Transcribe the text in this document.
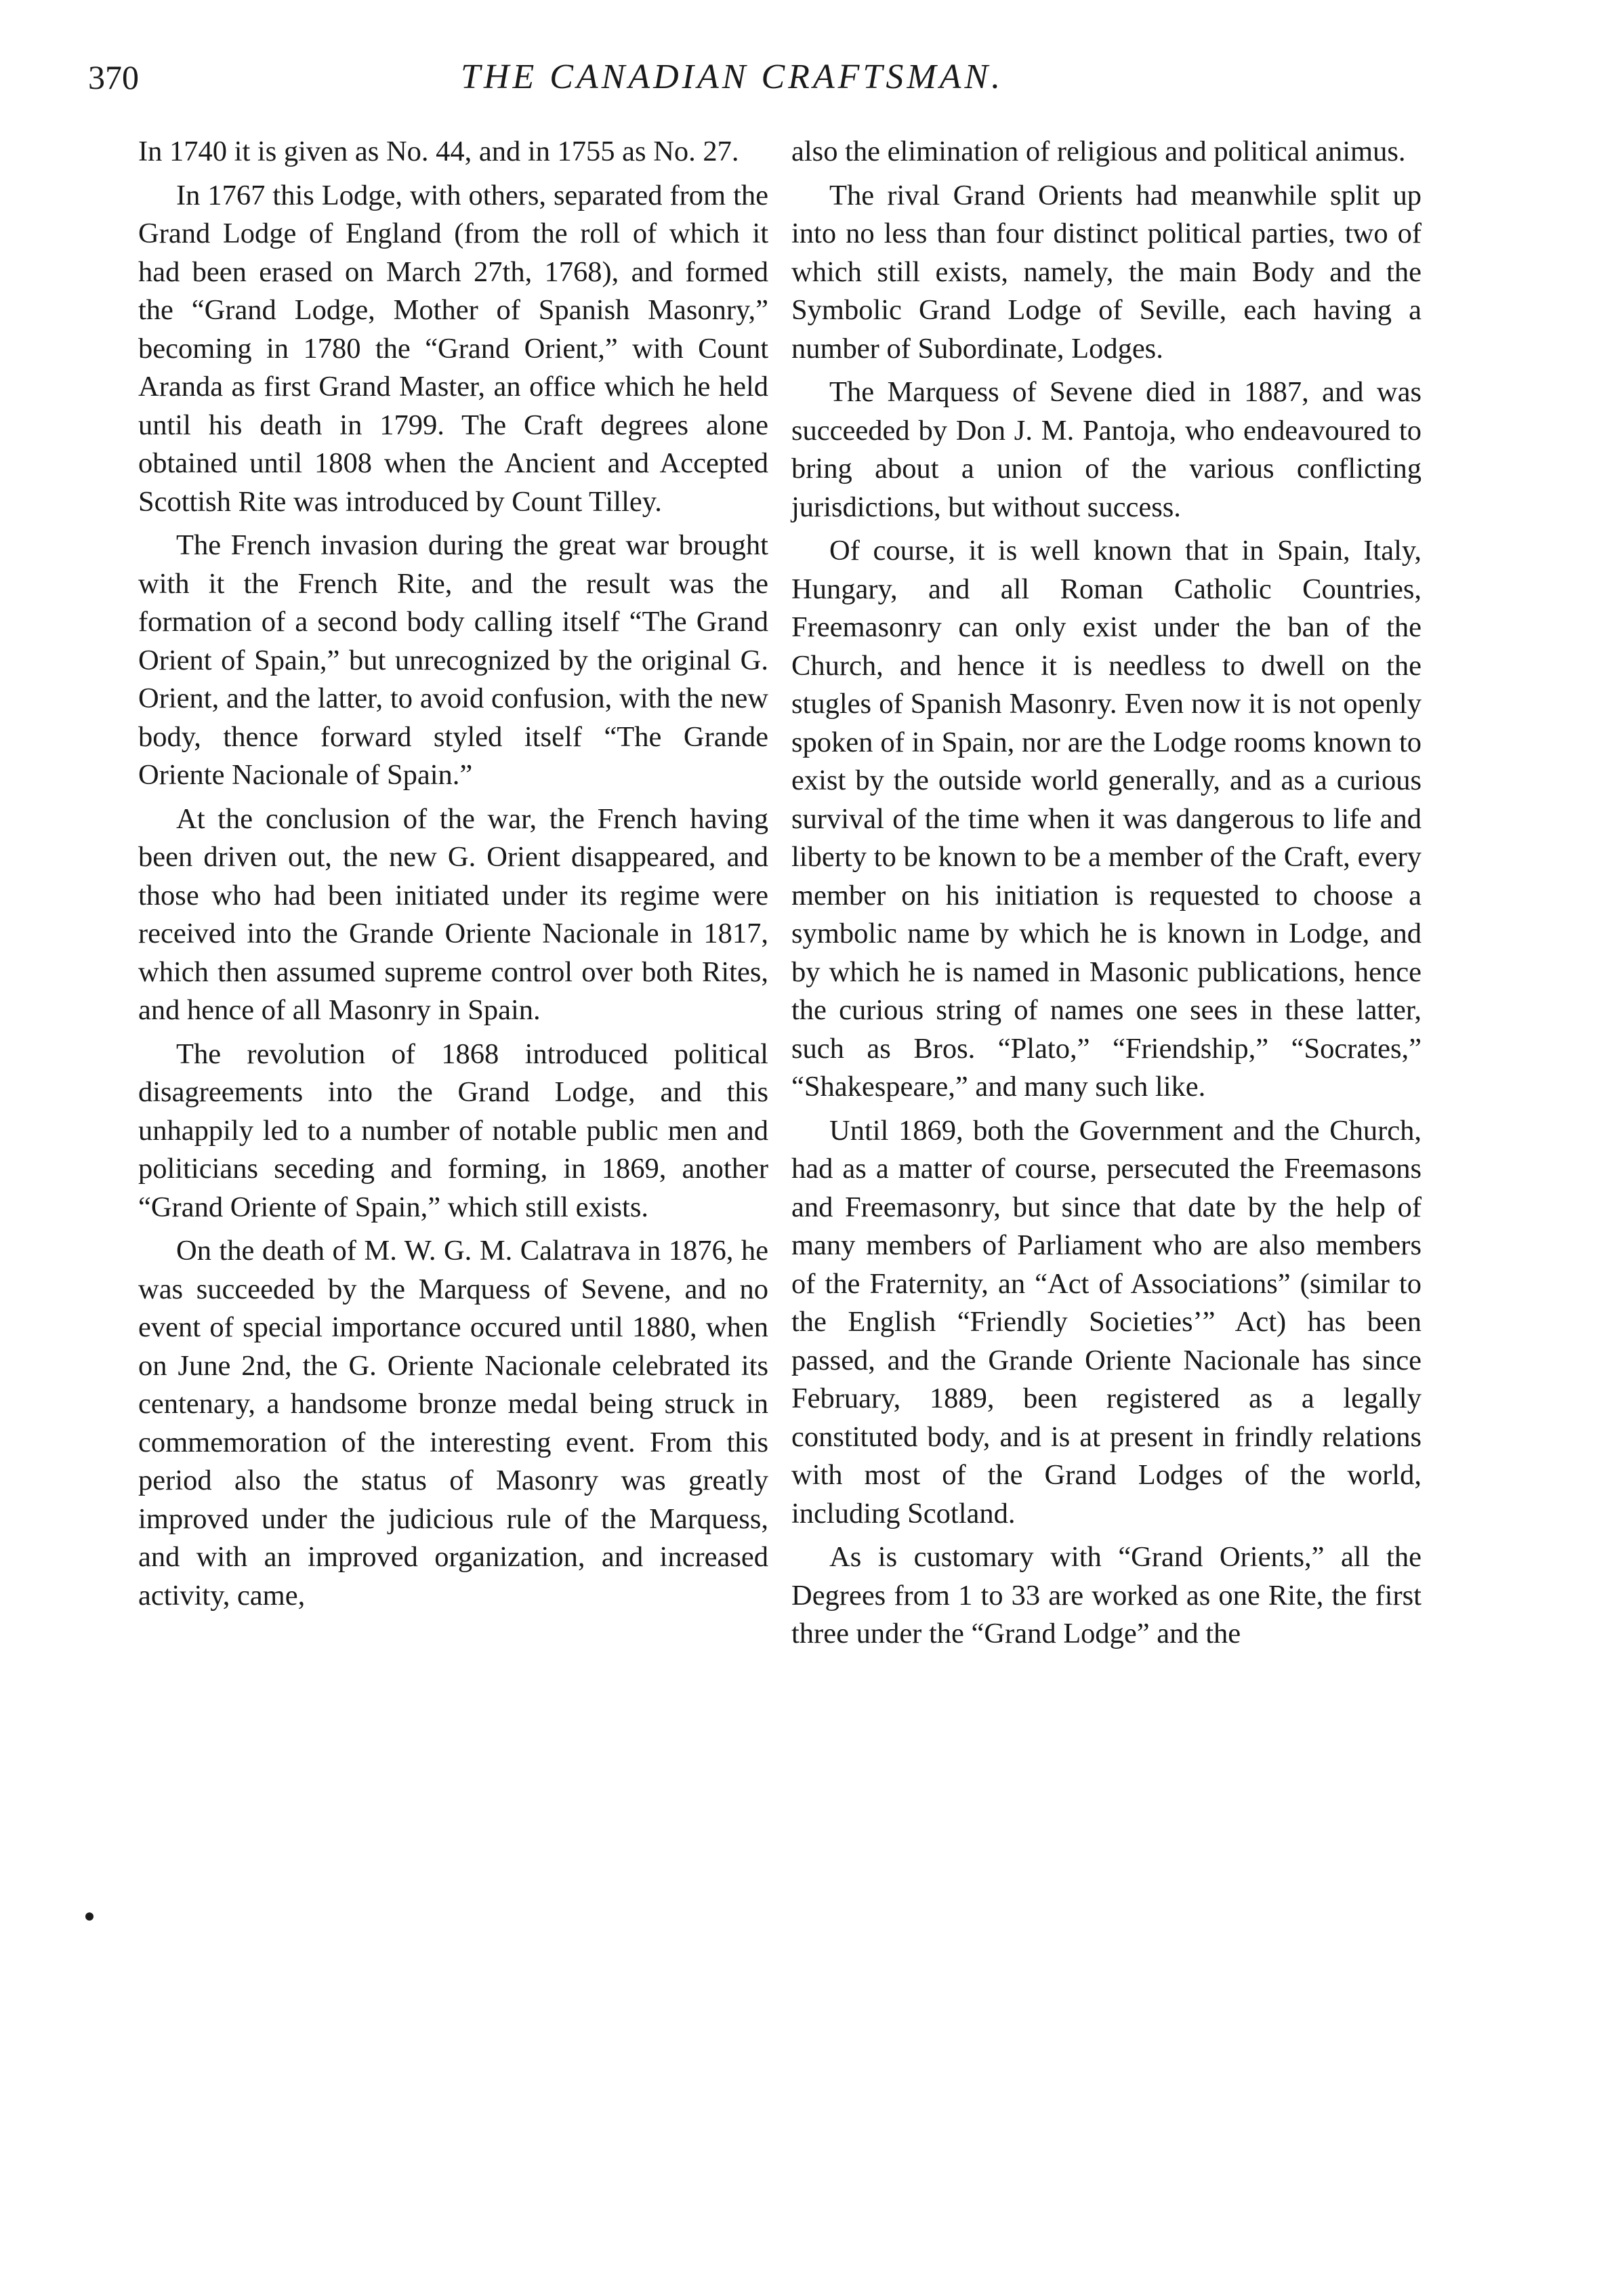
370	THE CANADIAN CRAFTSMAN.

In 1740 it is given as No. 44, and in 1755 as No. 27.

In 1767 this Lodge, with others, separated from the Grand Lodge of England (from the roll of which it had been erased on March 27th, 1768), and formed the “Grand Lodge, Mother of Spanish Masonry,” becoming in 1780 the “Grand Orient,” with Count Aranda as first Grand Master, an office which he held until his death in 1799. The Craft degrees alone obtained until 1808 when the Ancient and Accepted Scottish Rite was introduced by Count Tilley.

The French invasion during the great war brought with it the French Rite, and the result was the formation of a second body calling itself “The Grand Orient of Spain,” but unrecognized by the original G. Orient, and the latter, to avoid confusion, with the new body, thence forward styled itself “The Grande Oriente Nacionale of Spain.”

At the conclusion of the war, the French having been driven out, the new G. Orient disappeared, and those who had been initiated under its regime were received into the Grande Oriente Nacionale in 1817, which then assumed supreme control over both Rites, and hence of all Masonry in Spain.

The revolution of 1868 introduced political disagreements into the Grand Lodge, and this unhappily led to a number of notable public men and politicians seceding and forming, in 1869, another “Grand Oriente of Spain,” which still exists.

On the death of M. W. G. M. Calatrava in 1876, he was succeeded by the Marquess of Sevene, and no event of special importance occured until 1880, when on June 2nd, the G. Oriente Nacionale celebrated its centenary, a handsome bronze medal being struck in commemoration of the interesting event. From this period also the status of Masonry was greatly improved under the judicious rule of the Marquess, and with an improved organization, and increased activity, came,

also the elimination of religious and political animus.

The rival Grand Orients had meanwhile split up into no less than four distinct political parties, two of which still exists, namely, the main Body and the Symbolic Grand Lodge of Seville, each having a number of Subordinate, Lodges.

The Marquess of Sevene died in 1887, and was succeeded by Don J. M. Pantoja, who endeavoured to bring about a union of the various conflicting jurisdictions, but without success.

Of course, it is well known that in Spain, Italy, Hungary, and all Roman Catholic Countries, Freemasonry can only exist under the ban of the Church, and hence it is needless to dwell on the stugles of Spanish Masonry. Even now it is not openly spoken of in Spain, nor are the Lodge rooms known to exist by the outside world generally, and as a curious survival of the time when it was dangerous to life and liberty to be known to be a member of the Craft, every member on his initiation is requested to choose a symbolic name by which he is known in Lodge, and by which he is named in Masonic publications, hence the curious string of names one sees in these latter, such as Bros. “Plato,” “Friendship,” “Socrates,” “Shakespeare,” and many such like.

Until 1869, both the Government and the Church, had as a matter of course, persecuted the Freemasons and Freemasonry, but since that date by the help of many members of Parliament who are also members of the Fraternity, an “Act of Associations” (similar to the English “Friendly Societies’” Act) has been passed, and the Grande Oriente Nacionale has since February, 1889, been registered as a legally constituted body, and is at present in frindly relations with most of the Grand Lodges of the world, including Scotland.

As is customary with “Grand Orients,” all the Degrees from 1 to 33 are worked as one Rite, the first three under the “Grand Lodge” and the
